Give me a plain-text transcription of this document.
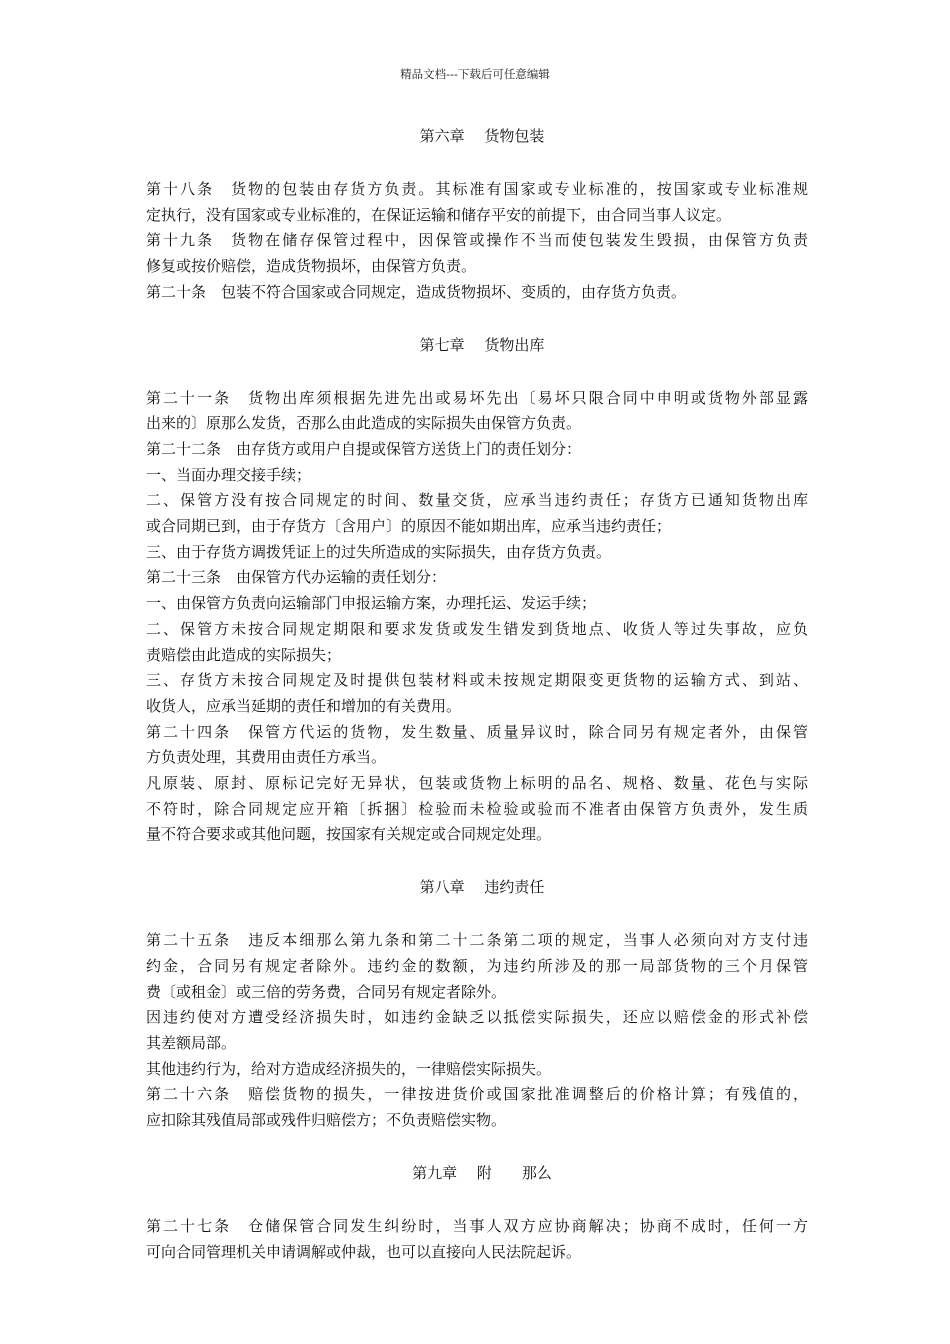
精品文档---下载后可任意编辑
第六章　 货物包装
第十八条　货物的包装由存货方负责。其标准有国家或专业标准的，按国家或专业标准规
定执行，没有国家或专业标准的，在保证运输和储存平安的前提下，由合同当事人议定。
第十九条　货物在储存保管过程中，因保管或操作不当而使包装发生毁损，由保管方负责
修复或按价赔偿，造成货物损坏，由保管方负责。
第二十条　包装不符合国家或合同规定，造成货物损坏、变质的，由存货方负责。
第七章　 货物出库
第二十一条　货物出库须根据先进先出或易坏先出〔易坏只限合同中申明或货物外部显露
出来的〕原那么发货，否那么由此造成的实际损失由保管方负责。
第二十二条　由存货方或用户自提或保管方送货上门的责任划分：
一、当面办理交接手续；
二、保管方没有按合同规定的时间、数量交货，应承当违约责任；存货方已通知货物出库
或合同期已到，由于存货方〔含用户〕的原因不能如期出库，应承当违约责任；
三、由于存货方调拨凭证上的过失所造成的实际损失，由存货方负责。
第二十三条　由保管方代办运输的责任划分：
一、由保管方负责向运输部门申报运输方案，办理托运、发运手续；
二、保管方未按合同规定期限和要求发货或发生错发到货地点、收货人等过失事故，应负
责赔偿由此造成的实际损失；
三、存货方未按合同规定及时提供包装材料或未按规定期限变更货物的运输方式、到站、
收货人，应承当延期的责任和增加的有关费用。
第二十四条　保管方代运的货物，发生数量、质量异议时，除合同另有规定者外，由保管
方负责处理，其费用由责任方承当。
凡原装、原封、原标记完好无异状，包装或货物上标明的品名、规格、数量、花色与实际
不符时，除合同规定应开箱〔拆捆〕检验而未检验或验而不准者由保管方负责外，发生质
量不符合要求或其他问题，按国家有关规定或合同规定处理。
第八章　 违约责任
第二十五条　违反本细那么第九条和第二十二条第二项的规定，当事人必须向对方支付违
约金，合同另有规定者除外。违约金的数额，为违约所涉及的那一局部货物的三个月保管
费〔或租金〕或三倍的劳务费，合同另有规定者除外。
因违约使对方遭受经济损失时，如违约金缺乏以抵偿实际损失，还应以赔偿金的形式补偿
其差额局部。
其他违约行为，给对方造成经济损失的，一律赔偿实际损失。
第二十六条　赔偿货物的损失，一律按进货价或国家批准调整后的价格计算；有残值的，
应扣除其残值局部或残件归赔偿方；不负责赔偿实物。
第九章　 附　　那么
第二十七条　仓储保管合同发生纠纷时，当事人双方应协商解决；协商不成时，任何一方
可向合同管理机关申请调解或仲裁，也可以直接向人民法院起诉。
